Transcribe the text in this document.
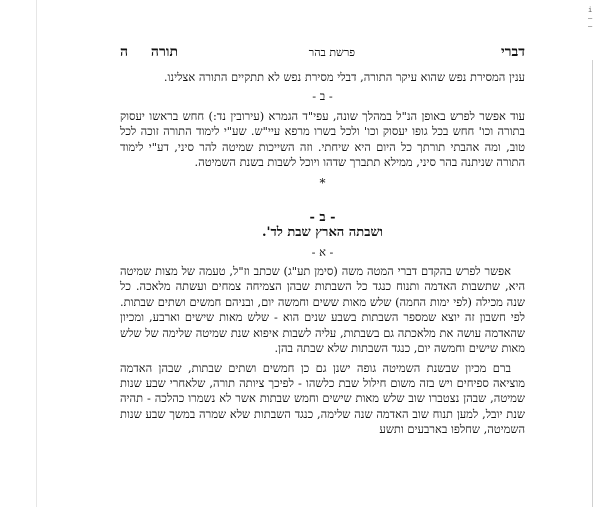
i
—
—
דברי
פרשת בהר
תורה ה

ענין המסירת נפש שהוא עיקר התורה, דבלי מסירת נפש לא תתקיים התורה אצלינו.

- ב -

עוד אפשר לפרש באופן הנ"ל במהלך שונה, עפי"ד הגמרא (עירובין נד:) חחש בראשו יעסוק בתורה וכו' חחש בכל גופו יעסוק וכו' ולכל בשרו מרפא עיי"ש. שע"י לימוד התורה זוכה לכל טוב, ומה אהבתי תורתך כל היום היא שיחתי. וזה השייכות שמיטה להר סיני, דע"י לימוד התורה שניתנה בהר סיני, ממילא תתברך שדהו ויוכל לשבות בשנת השמיטה.

*
- ב -
ושבתה הארץ שבת לד'.
- א -

אפשר לפרש בהקדם דברי המטה משה (סימן תע"ג) שכתב וז"ל, טעמה של מצות שמיטה היא, שתשבות האדמה ותנוח כנגד כל השבתות שבהן הצמיחה צמחים ועשתה מלאכה. כל שנה מכילה (לפי ימות החמה) שלש מאות ששים וחמשה יום, ובניהם חמשים ושתים שבתות. לפי חשבון זה יוצא שמספר השבתות בשבע שנים הוא - שלש מאות שישים וארבע, ומכיון שהאדמה עושה את מלאכתה גם בשבתות, עליה לשבות איפוא שנת שמיטה שלימה של שלש מאות שישים וחמשה יום, כנגד השבתות שלא שבתה בהן.

ברם מכיון שבשנת השמיטה גופה ישנן גם כן חמשים ושתים שבתות, שבהן האדמה מוציאה ספיחים ויש בזה משום חילול שבת כלשהו - לפיכך ציותה תורה, שלאחרי שבע שנות שמיטה, שבהן נצטברו שוב שלש מאות שישים וחמש שבתות אשר לא נשמרו כהלכה - תהיה שנת יובל, למען תנוח שוב האדמה שנה שלימה, כנגד השבתות שלא שמרה במשך שבע שנות השמיטה, שחלפו בארבעים ותשע
